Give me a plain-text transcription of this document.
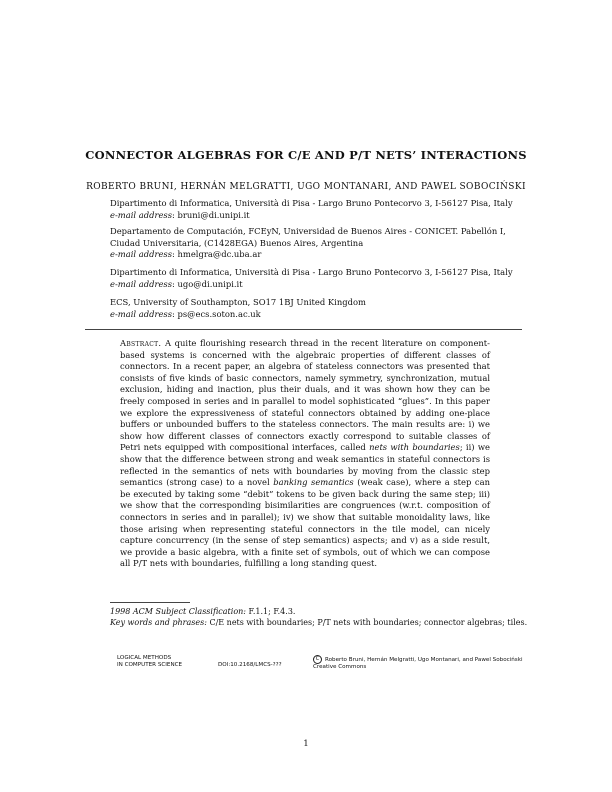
CONNECTOR ALGEBRAS FOR C/E AND P/T NETS’ INTERACTIONS
ROBERTO BRUNI, HERNÁN MELGRATTI, UGO MONTANARI, AND PAWEL SOBOCIŃSKI
Dipartimento di Informatica, Università di Pisa - Largo Bruno Pontecorvo 3, I-56127 Pisa, Italy
e-mail address: bruni@di.unipi.it
Departamento de Computación, FCEyN, Universidad de Buenos Aires - CONICET. Pabellón I, Ciudad Universitaria, (C1428EGA) Buenos Aires, Argentina
e-mail address: hmelgra@dc.uba.ar
Dipartimento di Informatica, Università di Pisa - Largo Bruno Pontecorvo 3, I-56127 Pisa, Italy
e-mail address: ugo@di.unipi.it
ECS, University of Southampton, SO17 1BJ United Kingdom
e-mail address: ps@ecs.soton.ac.uk
Abstract. A quite flourishing research thread in the recent literature on component-based systems is concerned with the algebraic properties of different classes of connectors. In a recent paper, an algebra of stateless connectors was presented that consists of five kinds of basic connectors, namely symmetry, synchronization, mutual exclusion, hiding and inaction, plus their duals, and it was shown how they can be freely composed in series and in parallel to model sophisticated “glues”. In this paper we explore the expressiveness of stateful connectors obtained by adding one-place buffers or unbounded buffers to the stateless connectors. The main results are: i) we show how different classes of connectors exactly correspond to suitable classes of Petri nets equipped with compositional interfaces, called nets with boundaries; ii) we show that the difference between strong and weak semantics in stateful connectors is reflected in the semantics of nets with boundaries by moving from the classic step semantics (strong case) to a novel banking semantics (weak case), where a step can be executed by taking some “debit” tokens to be given back during the same step; iii) we show that the corresponding bisimilarities are congruences (w.r.t. composition of connectors in series and in parallel); iv) we show that suitable monoidality laws, like those arising when representing stateful connectors in the tile model, can nicely capture concurrency (in the sense of step semantics) aspects; and v) as a side result, we provide a basic algebra, with a finite set of symbols, out of which we can compose all P/T nets with boundaries, fulfilling a long standing quest.
1998 ACM Subject Classification: F.1.1; F.4.3.
Key words and phrases: C/E nets with boundaries; P/T nets with boundaries; connector algebras; tiles.
LOGICAL METHODS
IN COMPUTER SCIENCE	DOI:10.2168/LMCS-???
C Roberto Bruni, Hernán Melgratti, Ugo Montanari, and Pawel Sobociński
Creative Commons
1
